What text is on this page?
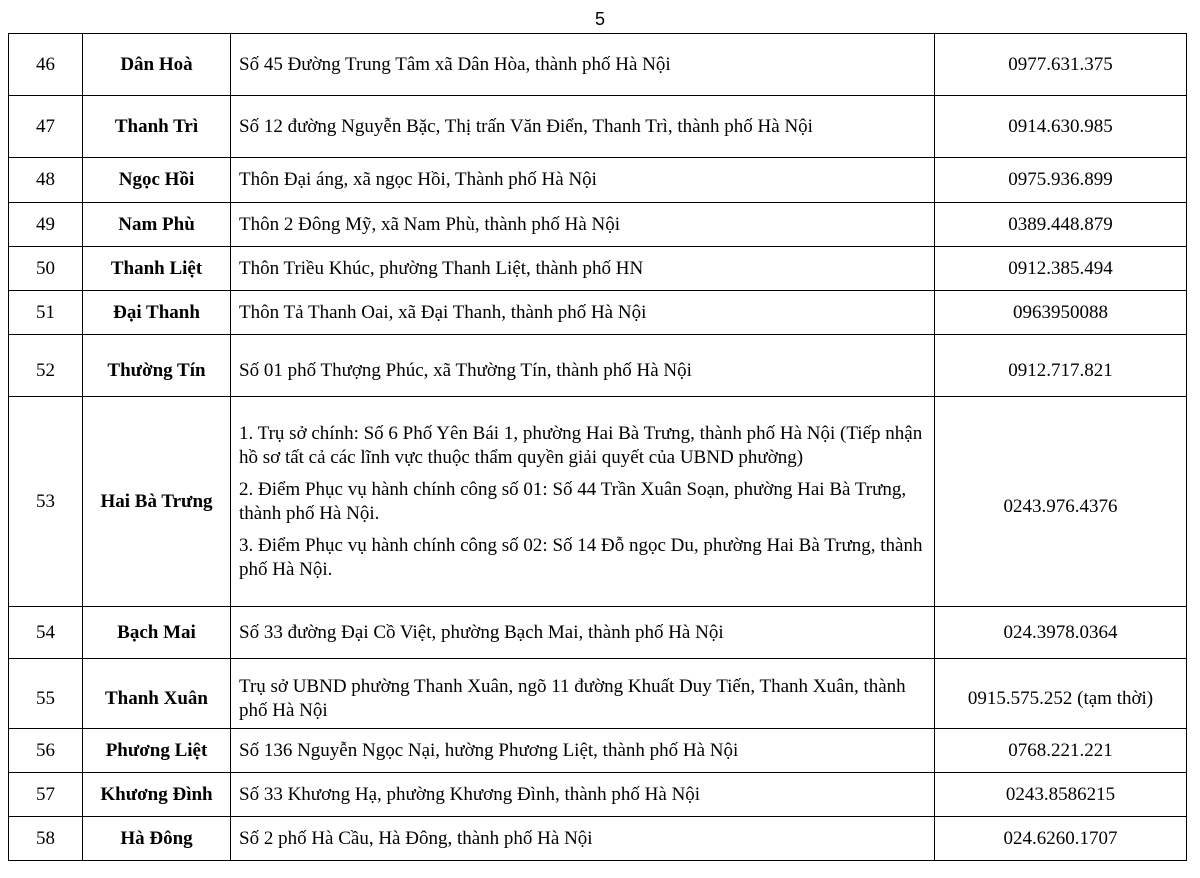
5
46	Dân Hoà	Số 45 Đường Trung Tâm xã Dân Hòa, thành phố Hà Nội	0977.631.375
47	Thanh Trì	Số 12 đường Nguyễn Bặc, Thị trấn Văn Điển, Thanh Trì, thành phố Hà Nội	0914.630.985
48	Ngọc Hồi	Thôn Đại áng, xã ngọc Hồi, Thành phố Hà Nội	0975.936.899
49	Nam Phù	Thôn 2 Đông Mỹ, xã Nam Phù, thành phố Hà Nội	0389.448.879
50	Thanh Liệt	Thôn Triều Khúc, phường Thanh Liệt, thành phố HN	0912.385.494
51	Đại Thanh	Thôn Tả Thanh Oai, xã Đại Thanh, thành phố Hà Nội	0963950088
52	Thường Tín	Số 01 phố Thượng Phúc, xã Thường Tín, thành phố Hà Nội	0912.717.821
53	Hai Bà Trưng	1. Trụ sở chính: Số 6 Phố Yên Bái 1, phường Hai Bà Trưng, thành phố Hà Nội (Tiếp nhận hồ sơ tất cả các lĩnh vực thuộc thẩm quyền giải quyết của UBND phường)

2. Điểm Phục vụ hành chính công số 01: Số 44 Trần Xuân Soạn, phường Hai Bà Trưng, thành phố Hà Nội.

3. Điểm Phục vụ hành chính công số 02: Số 14 Đỗ ngọc Du, phường Hai Bà Trưng, thành phố Hà Nội.	0243.976.4376
54	Bạch Mai	Số 33 đường Đại Cồ Việt, phường Bạch Mai, thành phố Hà Nội	024.3978.0364
55	Thanh Xuân	Trụ sở UBND phường Thanh Xuân, ngõ 11 đường Khuất Duy Tiến, Thanh Xuân, thành phố Hà Nội	0915.575.252 (tạm thời)
56	Phương Liệt	Số 136 Nguyễn Ngọc Nại, hường Phương Liệt, thành phố Hà Nội	0768.221.221
57	Khương Đình	Số 33 Khương Hạ, phường Khương Đình, thành phố Hà Nội	0243.8586215
58	Hà Đông	Số 2 phố Hà Cầu, Hà Đông, thành phố Hà Nội	024.6260.1707
